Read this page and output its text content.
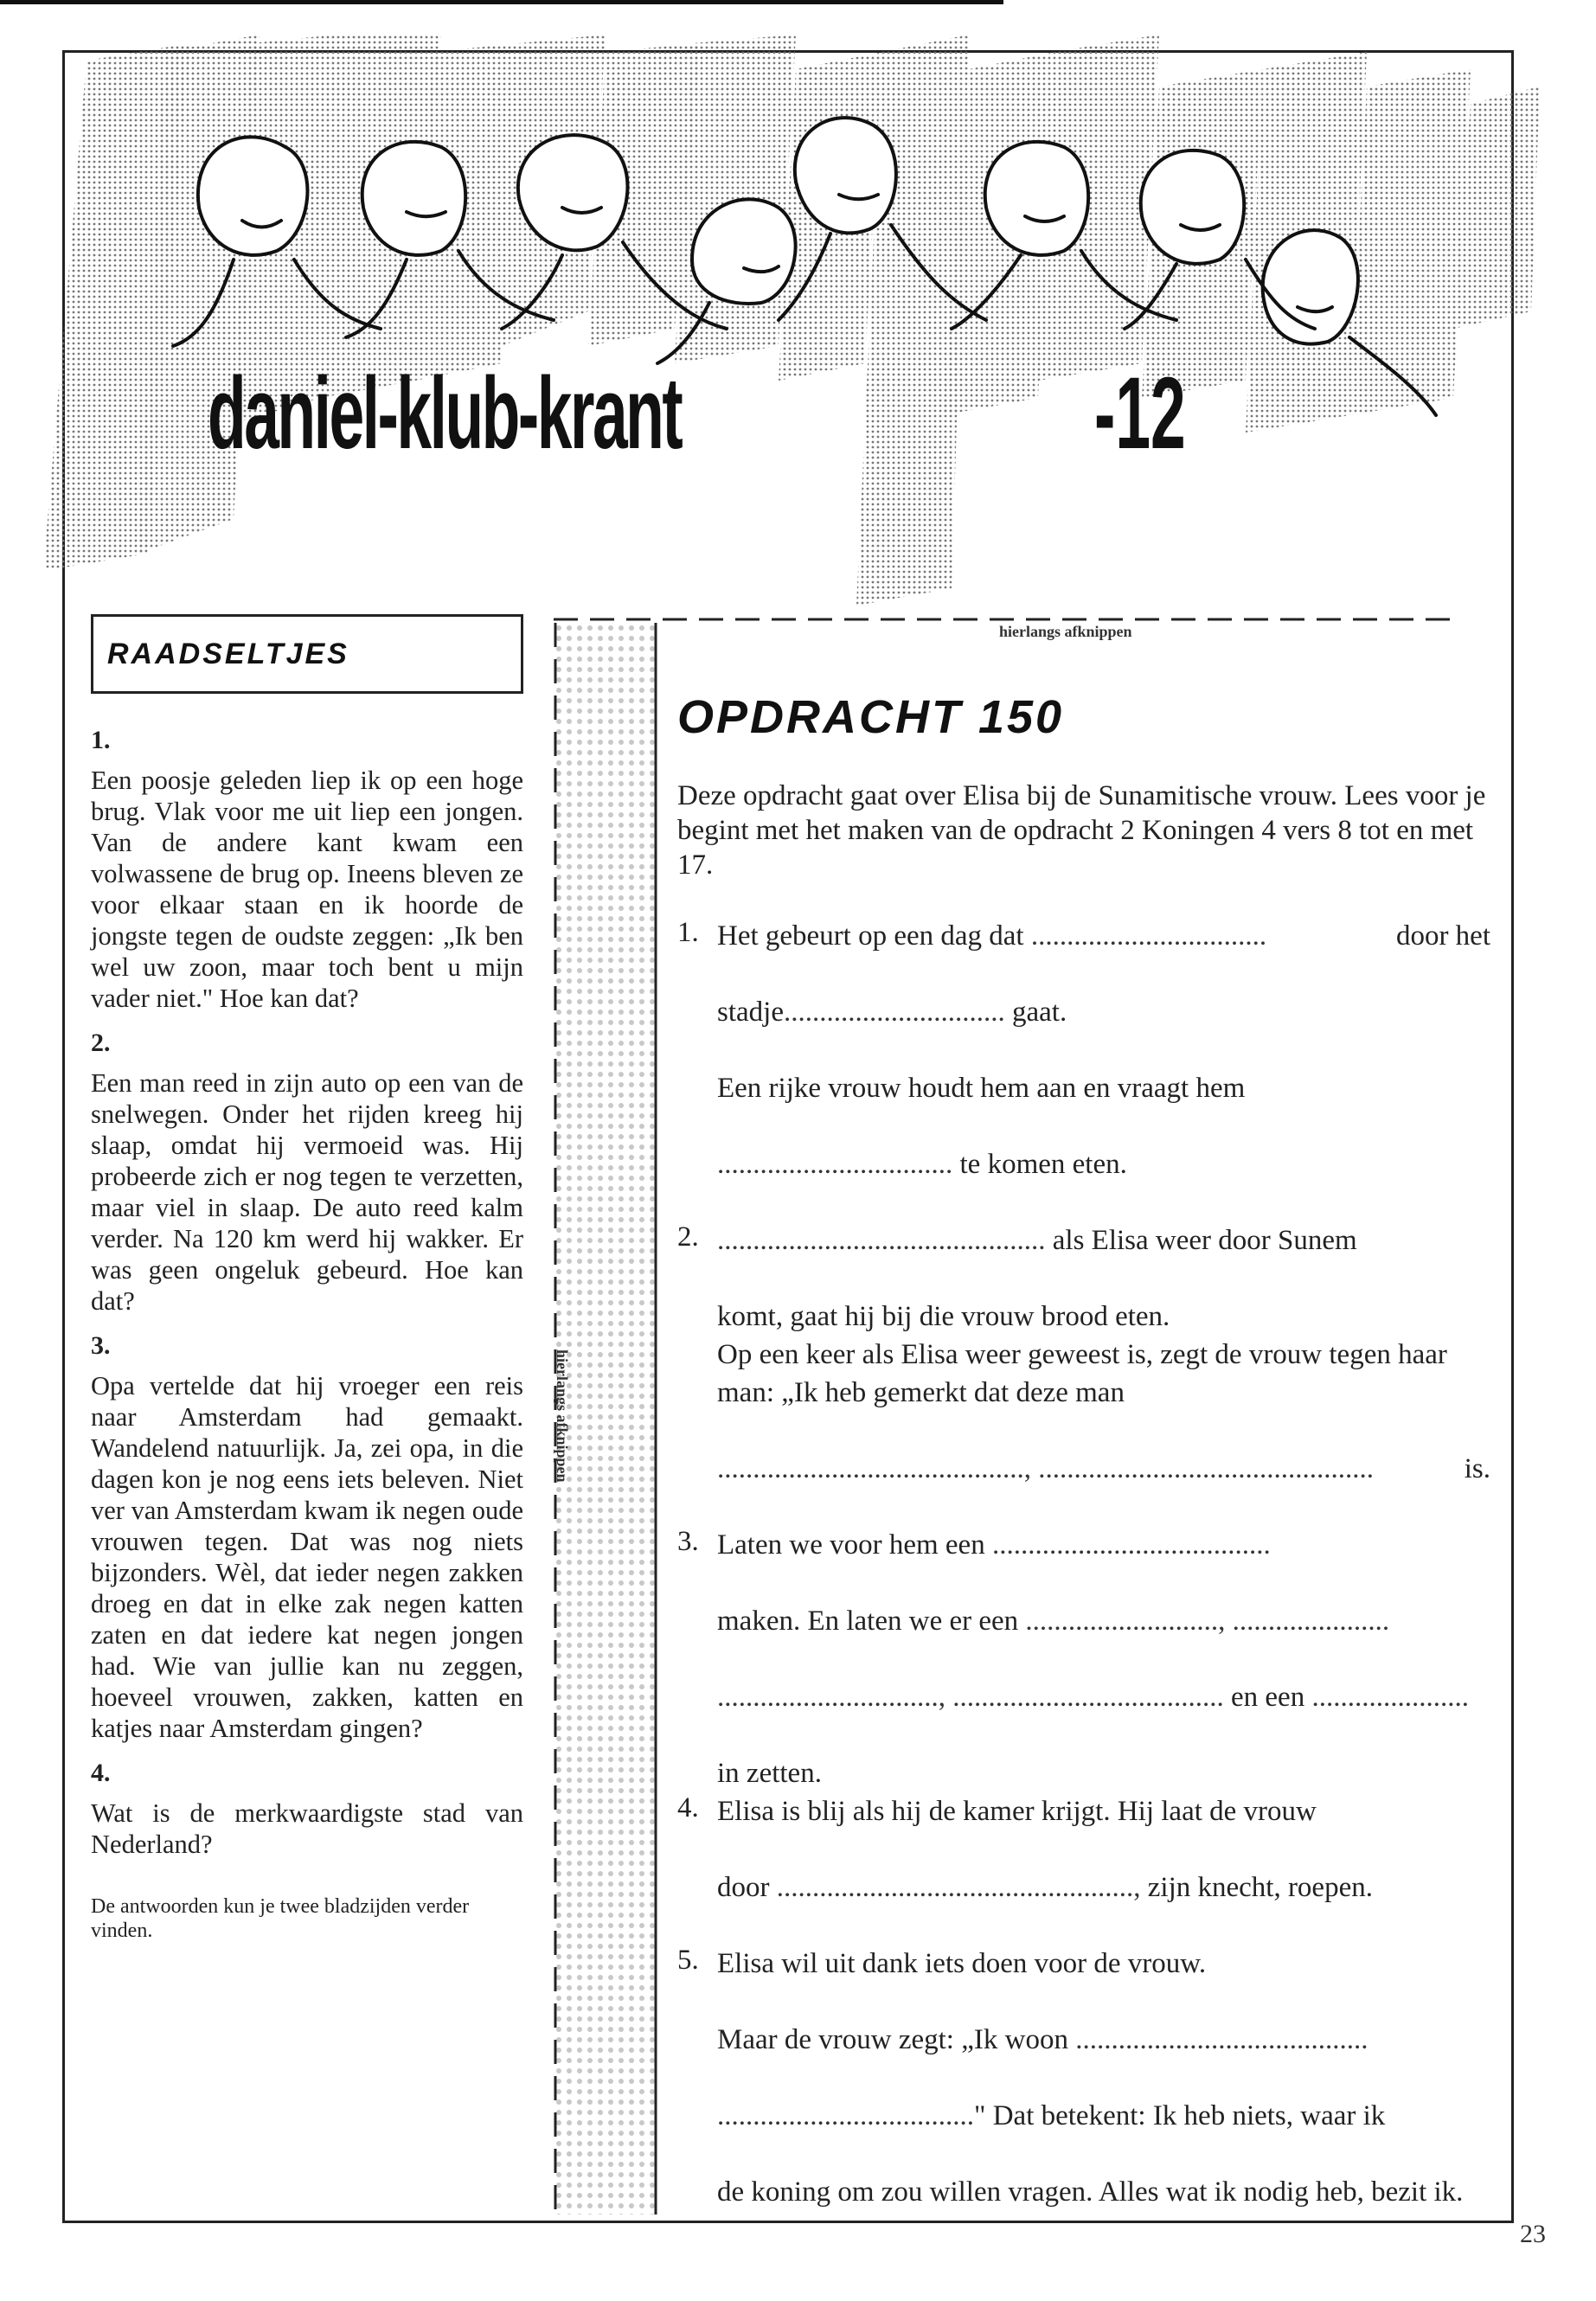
daniel-klub-krant	-12
RAADSELTJES
1.

Een poosje geleden liep ik op een hoge brug. Vlak voor me uit liep een jongen. Van de andere kant kwam een volwassene de brug op. Ineens bleven ze voor elkaar staan en ik hoorde de jongste tegen de oudste zeggen: „Ik ben wel uw zoon, maar toch bent u mijn vader niet." Hoe kan dat?

2.

Een man reed in zijn auto op een van de snelwegen. Onder het rijden kreeg hij slaap, omdat hij vermoeid was. Hij probeerde zich er nog tegen te verzetten, maar viel in slaap. De auto reed kalm verder. Na 120 km werd hij wakker. Er was geen ongeluk gebeurd. Hoe kan dat?

3.

Opa vertelde dat hij vroeger een reis naar Amsterdam had gemaakt. Wandelend natuurlijk. Ja, zei opa, in die dagen kon je nog eens iets beleven. Niet ver van Amsterdam kwam ik negen oude vrouwen tegen. Dat was nog niets bijzonders. Wèl, dat ieder negen zakken droeg en dat in elke zak negen katten zaten en dat iedere kat negen jongen had. Wie van jullie kan nu zeggen, hoeveel vrouwen, zakken, katten en katjes naar Amsterdam gingen?

4.

Wat is de merkwaardigste stad van Nederland?

De antwoorden kun je twee bladzijden verder vinden.
hierlangs afknippen
hierlangs afknippen
OPDRACHT 150
Deze opdracht gaat over Elisa bij de Sunamitische vrouw. Lees voor je begint met het maken van de opdracht 2 Koningen 4 vers 8 tot en met 17.
1. Het gebeurt op een dag dat .................................	door het
stadje............................... gaat.
Een rijke vrouw houdt hem aan en vraagt hem
................................. te komen eten.
2. .............................................. als Elisa weer door Sunem
komt, gaat hij bij die vrouw brood eten.
Op een keer als Elisa weer geweest is, zegt de vrouw tegen haar man: „Ik heb gemerkt dat deze man
..........................................., ...............................................	is.
3. Laten we voor hem een .......................................
maken. En laten we er een ..........................., ......................
..............................., ...................................... en een ......................
in zetten.
4. Elisa is blij als hij de kamer krijgt. Hij laat de vrouw
door .................................................., zijn knecht, roepen.
5. Elisa wil uit dank iets doen voor de vrouw.
Maar de vrouw zegt: „Ik woon .........................................
...................................." Dat betekent: Ik heb niets, waar ik
de koning om zou willen vragen. Alles wat ik nodig heb, bezit ik.
23
